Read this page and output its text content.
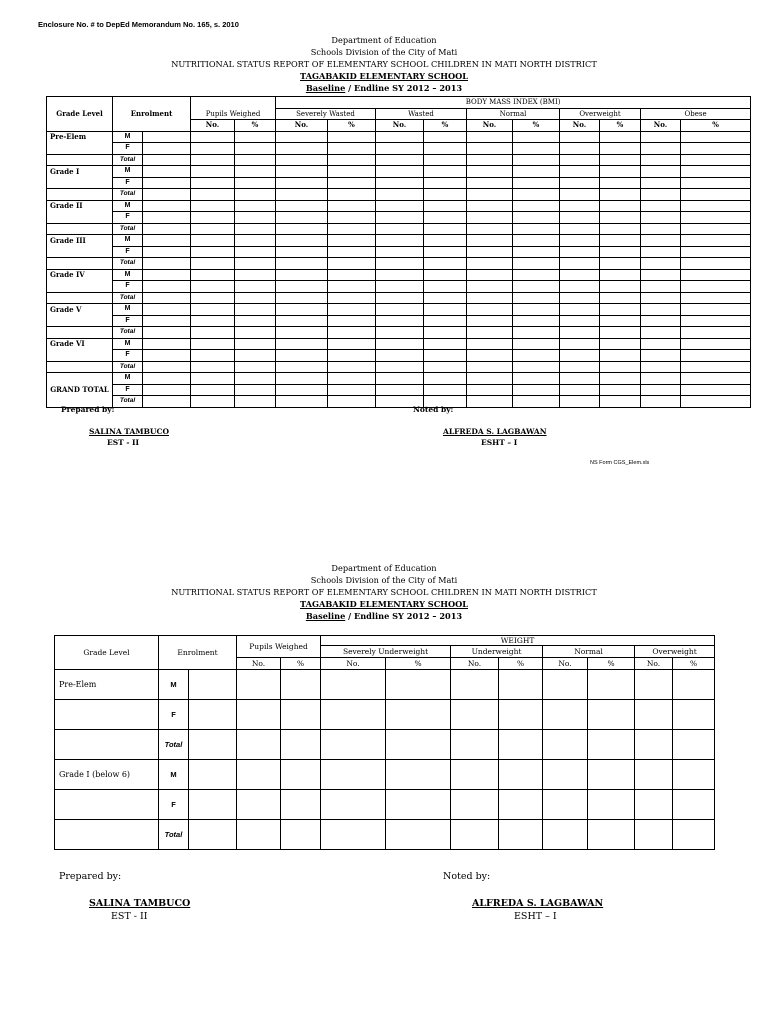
Enclosure No. # to DepEd Memorandum No. 165, s. 2010
Department of Education
Schools Division of the City of Mati
NUTRITIONAL STATUS REPORT OF ELEMENTARY SCHOOL CHILDREN IN MATI NORTH DISTRICT
TAGABAKID ELEMENTARY SCHOOL
Baseline / Endline SY 2012 – 2013
Grade Level	Enrolment		Pupils Weighed		BODY MASS INDEX (BMI)									
					Severely Wasted		Wasted		Normal		Overweight		Obese	
			No.	%	No.	%	No.	%	No.	%	No.	%	No.	%
Pre-Elem	M													
	F													
	Total													
Grade I	M													
	F													
	Total													
Grade II	M													
	F													
	Total													
Grade III	M													
	F													
	Total													
Grade IV	M													
	F													
	Total													
Grade V	M													
	F													
	Total													
Grade VI	M													
	F													
	Total													
GRAND TOTAL	M													
	F													
	Total													
Prepared by:	Noted by:
SALINA TAMBUCO
EST - II
ALFREDA S. LAGBAWAN
ESHT – I
NS Form CGS_Elem.xls
Department of Education
Schools Division of the City of Mati
NUTRITIONAL STATUS REPORT OF ELEMENTARY SCHOOL CHILDREN IN MATI NORTH DISTRICT
TAGABAKID ELEMENTARY SCHOOL
Baseline / Endline SY 2012 – 2013
Grade Level	Enrolment		Pupils Weighed		WEIGHT							
					Severely Underweight		Underweight		Normal		Overweight	
			No.	%	No.	%	No.	%	No.	%	No.	%
Pre-Elem	M											
	F											
	Total											
Grade I (below 6)	M											
	F											
	Total											
Prepared by:	Noted by:
SALINA TAMBUCO
EST - II
ALFREDA S. LAGBAWAN
ESHT – I
